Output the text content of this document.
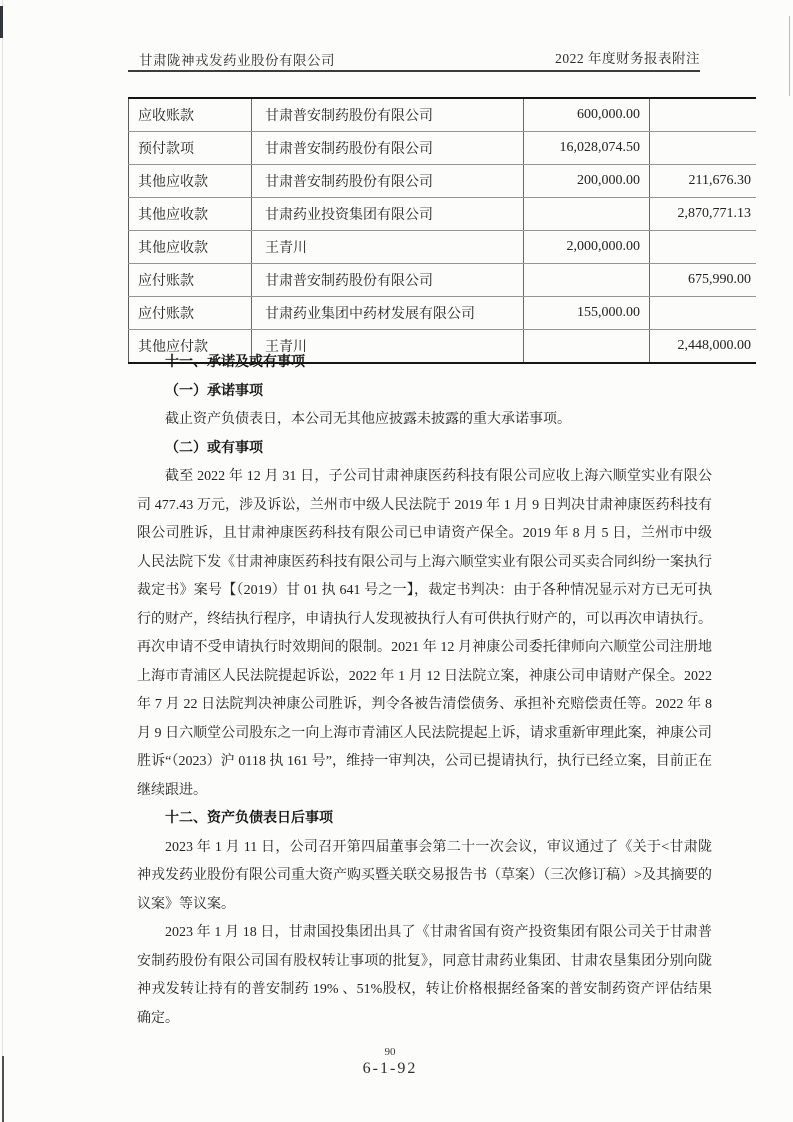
甘肃陇神戎发药业股份有限公司	2022 年度财务报表附注
应收账款	甘肃普安制药股份有限公司	600,000.00	
预付款项	甘肃普安制药股份有限公司	16,028,074.50	
其他应收款	甘肃普安制药股份有限公司	200,000.00	211,676.30
其他应收款	甘肃药业投资集团有限公司		2,870,771.13
其他应收款	王青川	2,000,000.00	
应付账款	甘肃普安制药股份有限公司		675,990.00
应付账款	甘肃药业集团中药材发展有限公司	155,000.00	
其他应付款	王青川		2,448,000.00

十一、承诺及或有事项

（一）承诺事项

截止资产负债表日，本公司无其他应披露未披露的重大承诺事项。

（二）或有事项

截至 2022 年 12 月 31 日，子公司甘肃神康医药科技有限公司应收上海六顺堂实业有限公司 477.43 万元，涉及诉讼，兰州市中级人民法院于 2019 年 1 月 9 日判决甘肃神康医药科技有限公司胜诉，且甘肃神康医药科技有限公司已申请资产保全。2019 年 8 月 5 日，兰州市中级人民法院下发《甘肃神康医药科技有限公司与上海六顺堂实业有限公司买卖合同纠纷一案执行裁定书》案号【（2019）甘 01 执 641 号之一】，裁定书判决：由于各种情况显示对方已无可执行的财产，终结执行程序，申请执行人发现被执行人有可供执行财产的，可以再次申请执行。再次申请不受申请执行时效期间的限制。2021 年 12 月神康公司委托律师向六顺堂公司注册地上海市青浦区人民法院提起诉讼，2022 年 1 月 12 日法院立案，神康公司申请财产保全。2022 年 7 月 22 日法院判决神康公司胜诉，判令各被告清偿债务、承担补充赔偿责任等。2022 年 8 月 9 日六顺堂公司股东之一向上海市青浦区人民法院提起上诉，请求重新审理此案，神康公司胜诉“（2023）沪 0118 执 161 号”，维持一审判决，公司已提请执行，执行已经立案，目前正在继续跟进。

十二、资产负债表日后事项

2023 年 1 月 11 日，公司召开第四届董事会第二十一次会议，审议通过了《关于<甘肃陇神戎发药业股份有限公司重大资产购买暨关联交易报告书（草案）（三次修订稿）>及其摘要的议案》等议案。

2023 年 1 月 18 日，甘肃国投集团出具了《甘肃省国有资产投资集团有限公司关于甘肃普安制药股份有限公司国有股权转让事项的批复》，同意甘肃药业集团、甘肃农垦集团分别向陇神戎发转让持有的普安制药 19% 、51%股权，转让价格根据经备案的普安制药资产评估结果确定。

90
6-1-92
